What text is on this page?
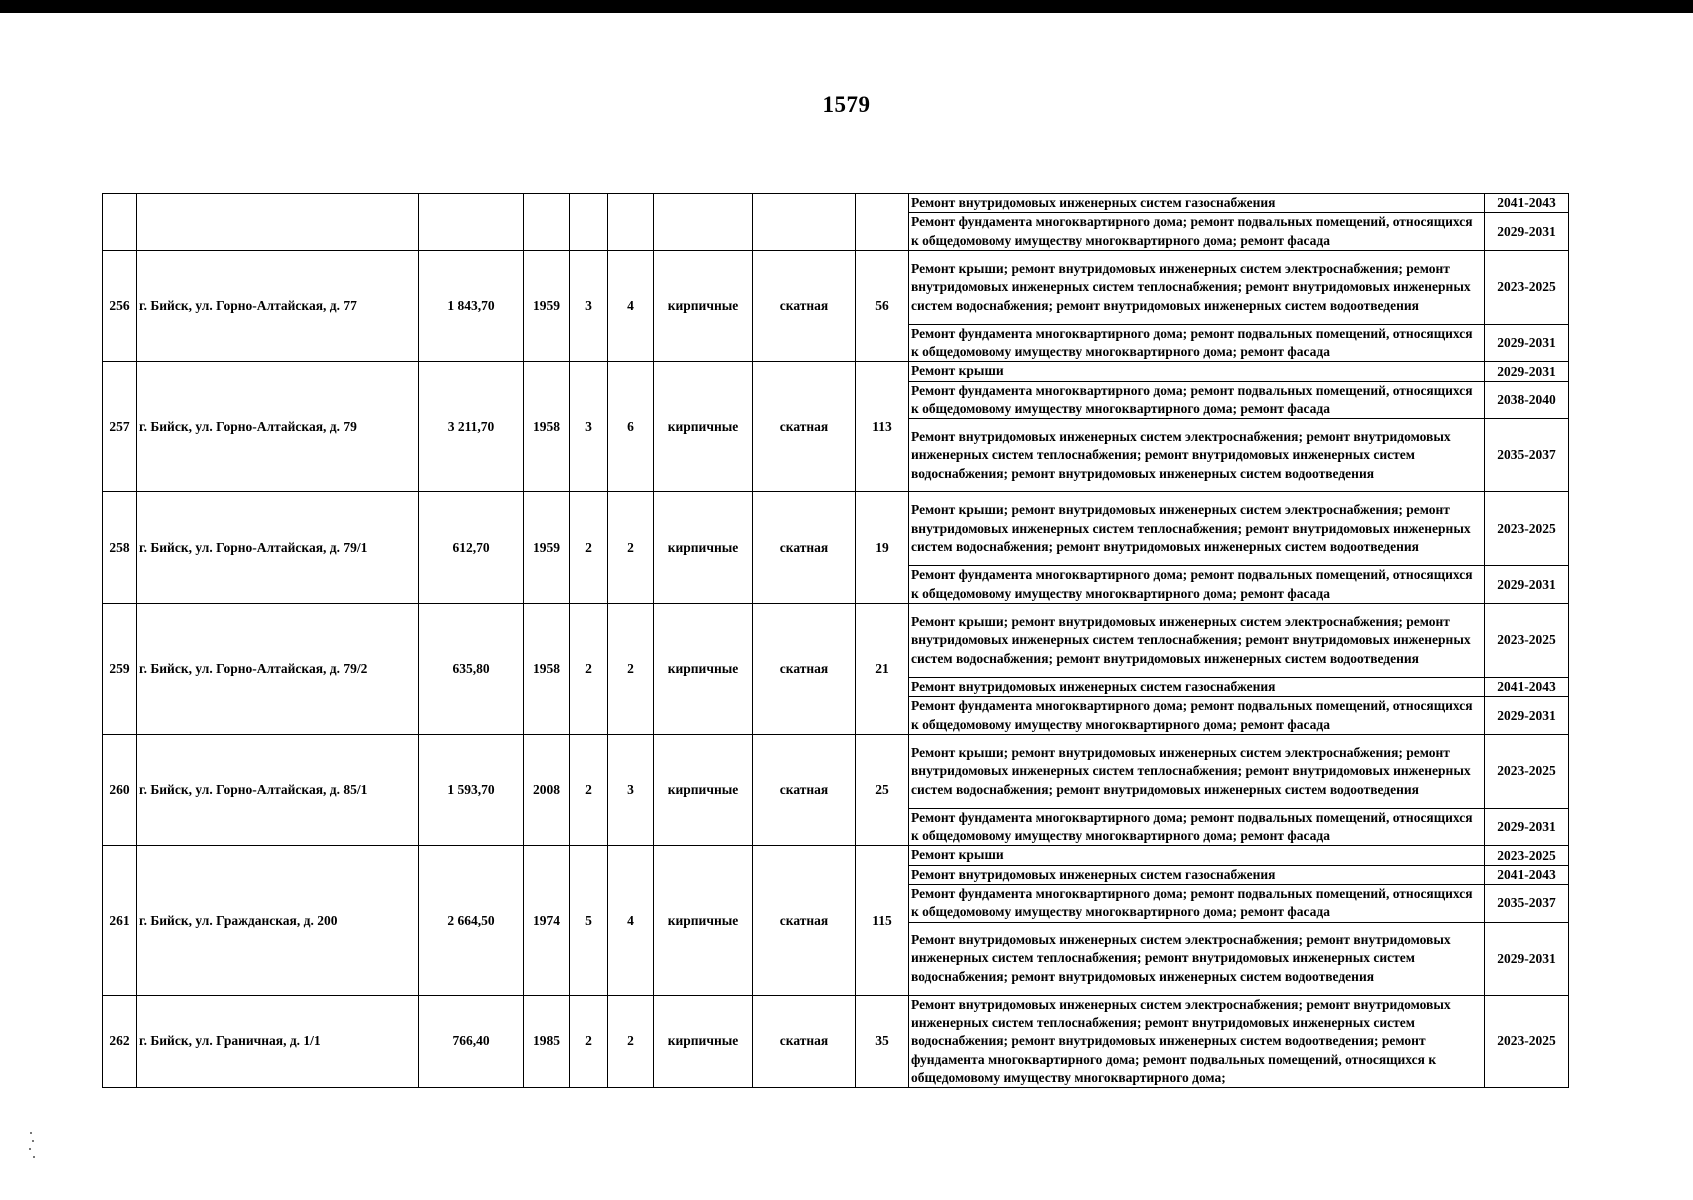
1579
									Ремонт внутридомовых инженерных систем газоснабжения	2041-2043
									Ремонт фундамента многоквартирного дома; ремонт подвальных помещений, относящихся к общедомовому имуществу многоквартирного дома; ремонт фасада	2029-2031
256	г. Бийск, ул. Горно-Алтайская, д. 77	1 843,70	1959	3	4	кирпичные	скатная	56	Ремонт крыши; ремонт внутридомовых инженерных систем электроснабжения; ремонт внутридомовых инженерных систем теплоснабжения; ремонт внутридомовых инженерных систем водоснабжения; ремонт внутридомовых инженерных систем водоотведения	2023-2025
									Ремонт фундамента многоквартирного дома; ремонт подвальных помещений, относящихся к общедомовому имуществу многоквартирного дома; ремонт фасада	2029-2031
257	г. Бийск, ул. Горно-Алтайская, д. 79	3 211,70	1958	3	6	кирпичные	скатная	113	Ремонт крыши	2029-2031
									Ремонт фундамента многоквартирного дома; ремонт подвальных помещений, относящихся к общедомовому имуществу многоквартирного дома; ремонт фасада	2038-2040
									Ремонт внутридомовых инженерных систем электроснабжения; ремонт внутридомовых инженерных систем теплоснабжения; ремонт внутридомовых инженерных систем водоснабжения; ремонт внутридомовых инженерных систем водоотведения	2035-2037
258	г. Бийск, ул. Горно-Алтайская, д. 79/1	612,70	1959	2	2	кирпичные	скатная	19	Ремонт крыши; ремонт внутридомовых инженерных систем электроснабжения; ремонт внутридомовых инженерных систем теплоснабжения; ремонт внутридомовых инженерных систем водоснабжения; ремонт внутридомовых инженерных систем водоотведения	2023-2025
									Ремонт фундамента многоквартирного дома; ремонт подвальных помещений, относящихся к общедомовому имуществу многоквартирного дома; ремонт фасада	2029-2031
259	г. Бийск, ул. Горно-Алтайская, д. 79/2	635,80	1958	2	2	кирпичные	скатная	21	Ремонт крыши; ремонт внутридомовых инженерных систем электроснабжения; ремонт внутридомовых инженерных систем теплоснабжения; ремонт внутридомовых инженерных систем водоснабжения; ремонт внутридомовых инженерных систем водоотведения	2023-2025
									Ремонт внутридомовых инженерных систем газоснабжения	2041-2043
									Ремонт фундамента многоквартирного дома; ремонт подвальных помещений, относящихся к общедомовому имуществу многоквартирного дома; ремонт фасада	2029-2031
260	г. Бийск, ул. Горно-Алтайская, д. 85/1	1 593,70	2008	2	3	кирпичные	скатная	25	Ремонт крыши; ремонт внутридомовых инженерных систем электроснабжения; ремонт внутридомовых инженерных систем теплоснабжения; ремонт внутридомовых инженерных систем водоснабжения; ремонт внутридомовых инженерных систем водоотведения	2023-2025
									Ремонт фундамента многоквартирного дома; ремонт подвальных помещений, относящихся к общедомовому имуществу многоквартирного дома; ремонт фасада	2029-2031
261	г. Бийск, ул. Гражданская, д. 200	2 664,50	1974	5	4	кирпичные	скатная	115	Ремонт крыши	2023-2025
									Ремонт внутридомовых инженерных систем газоснабжения	2041-2043
									Ремонт фундамента многоквартирного дома; ремонт подвальных помещений, относящихся к общедомовому имуществу многоквартирного дома; ремонт фасада	2035-2037
									Ремонт внутридомовых инженерных систем электроснабжения; ремонт внутридомовых инженерных систем теплоснабжения; ремонт внутридомовых инженерных систем водоснабжения; ремонт внутридомовых инженерных систем водоотведения	2029-2031
262	г. Бийск, ул. Граничная, д. 1/1	766,40	1985	2	2	кирпичные	скатная	35	Ремонт внутридомовых инженерных систем электроснабжения; ремонт внутридомовых инженерных систем теплоснабжения; ремонт внутридомовых инженерных систем водоснабжения; ремонт внутридомовых инженерных систем водоотведения; ремонт фундамента многоквартирного дома; ремонт подвальных помещений, относящихся к общедомовому имуществу многоквартирного дома;	2023-2025
